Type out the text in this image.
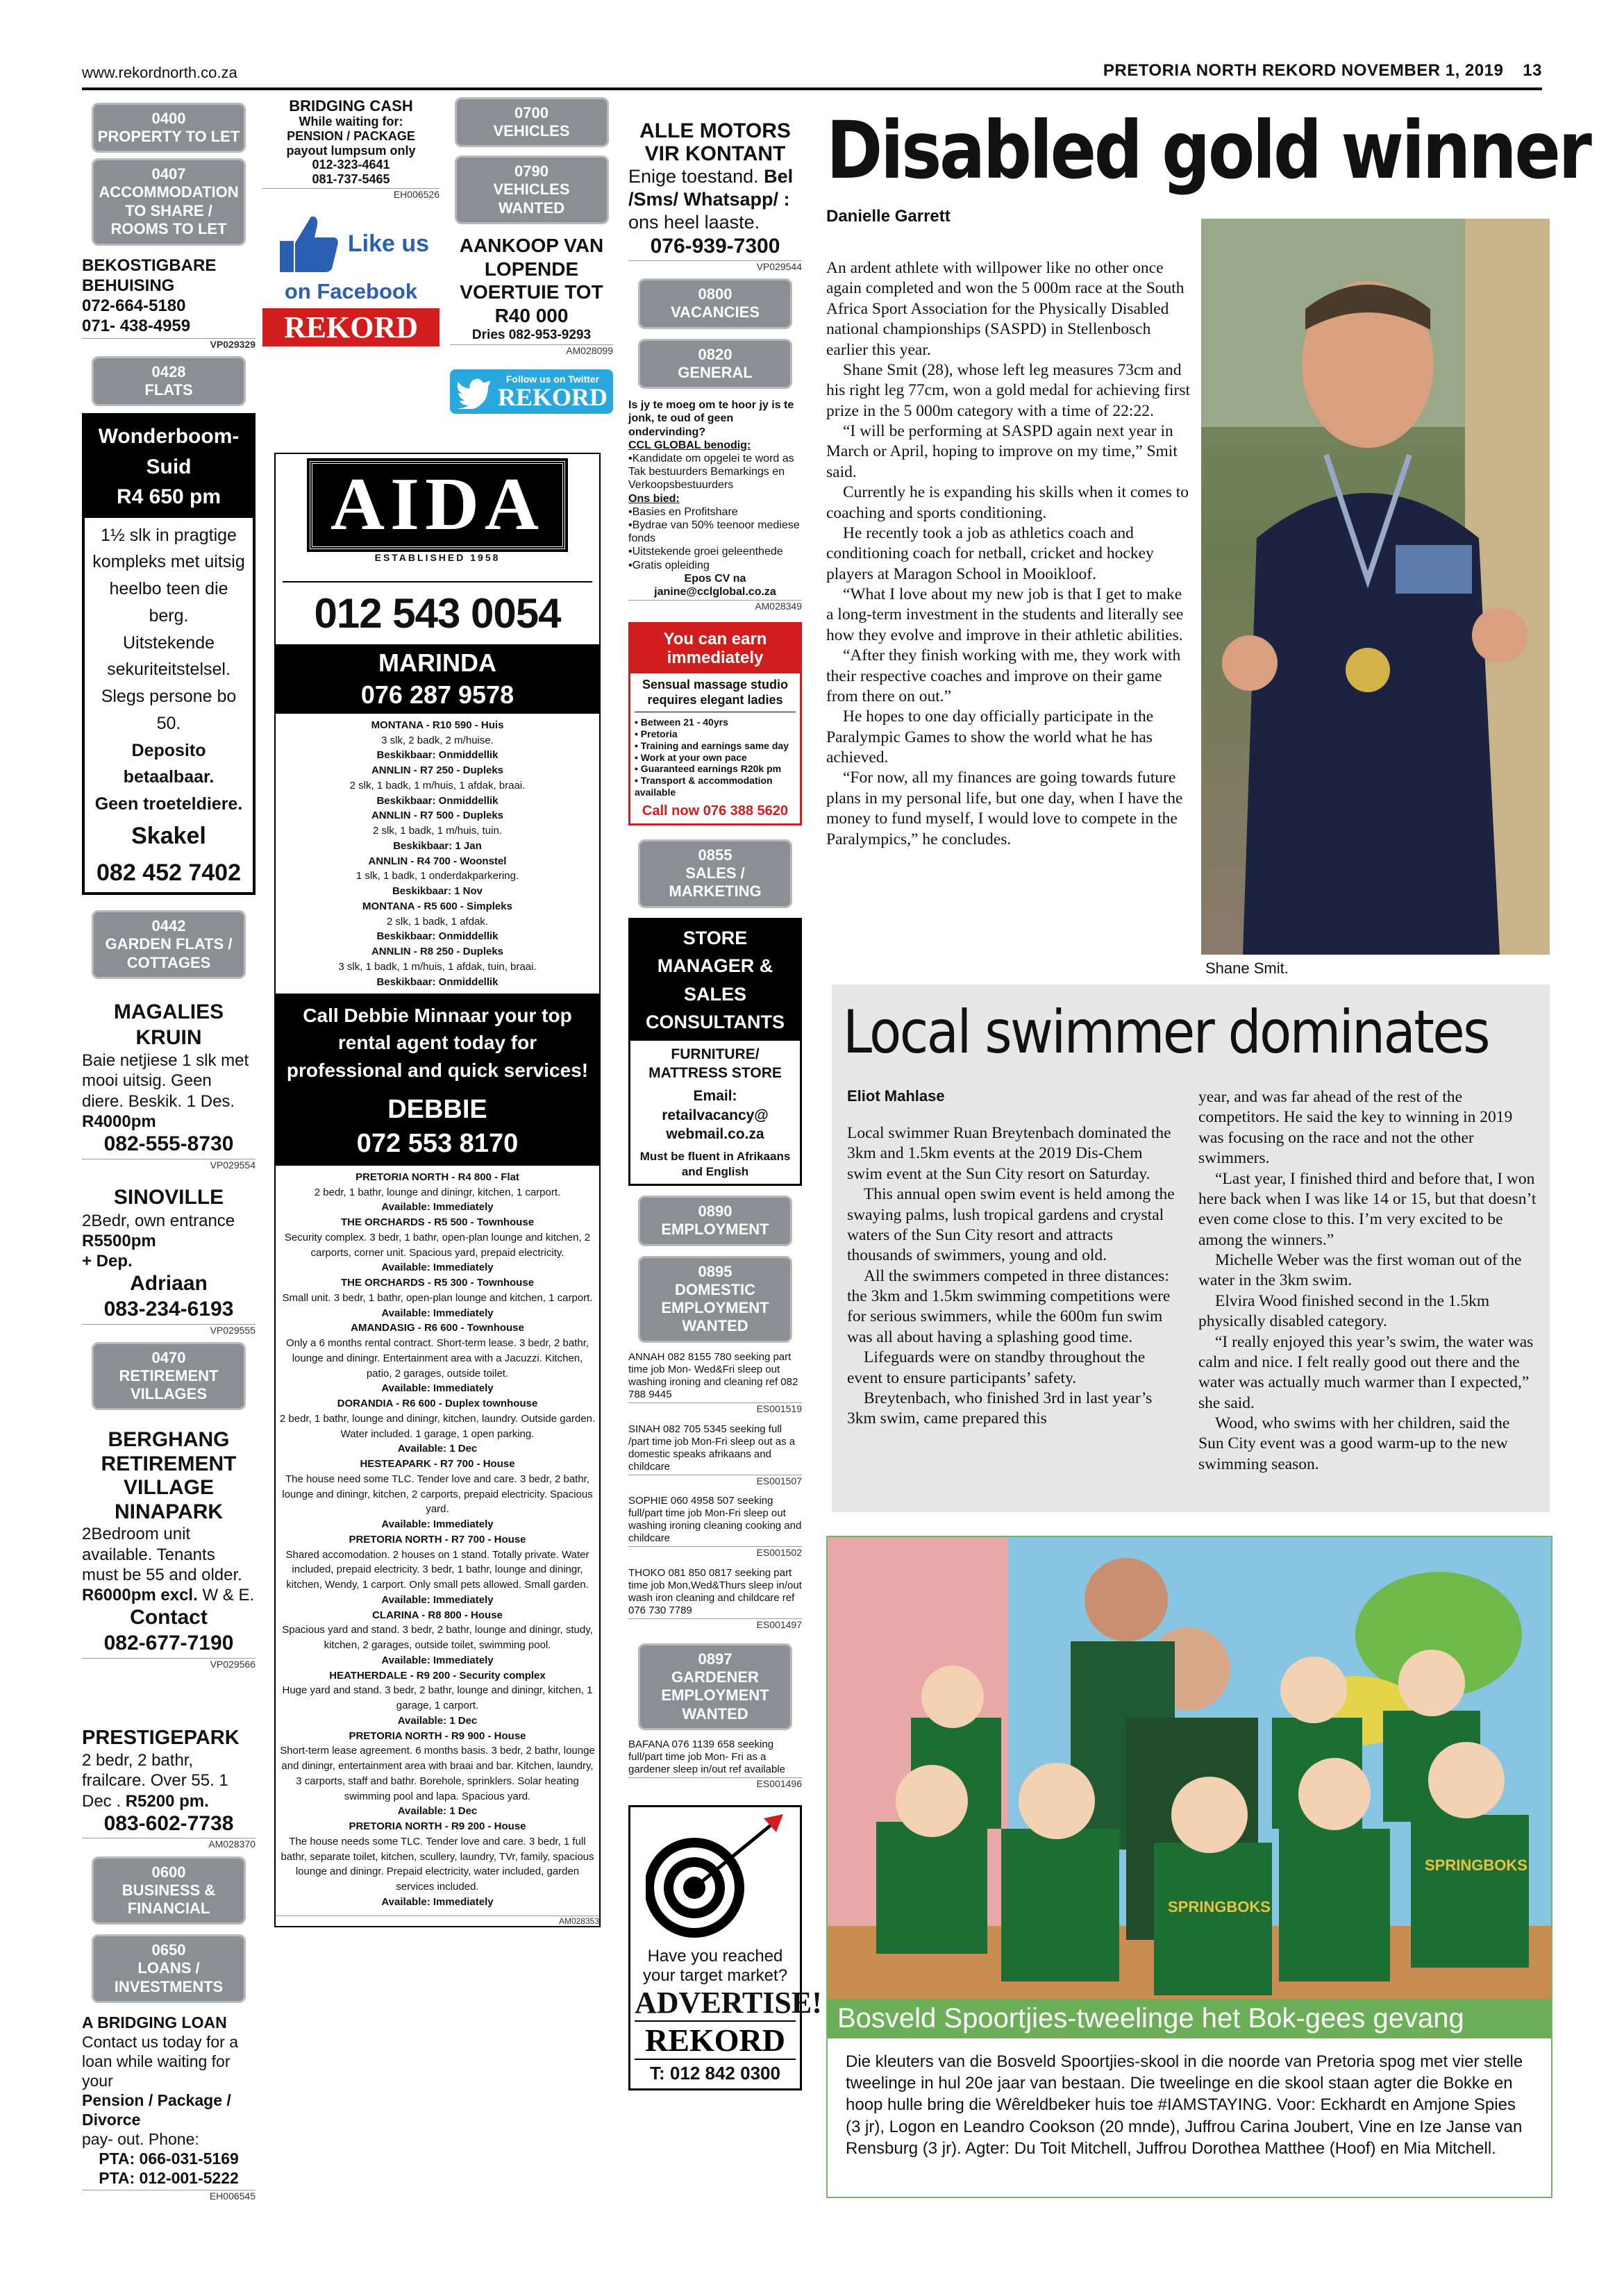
www.rekordnorth.co.za	PRETORIA NORTH REKORD NOVEMBER 1, 2019 13
0400
PROPERTY TO LET
0407
ACCOMMODATION TO SHARE / ROOMS TO LET
BEKOSTIGBARE BEHUISING
072-664-5180
071- 438-4959
VP029329
0428
FLATS
Wonderboom-Suid
R4 650 pm
1½ slk in pragtige kompleks met uitsig heelbo teen die berg.
Uitstekende sekuriteitstelsel.
Slegs persone bo 50.
Deposito betaalbaar.
Geen troeteldiere.
Skakel
082 452 7402
0442
GARDEN FLATS / COTTAGES
MAGALIES KRUIN
Baie netjiese 1 slk met mooi uitsig. Geen diere. Beskik. 1 Des.
R4000pm
082-555-8730
VP029554
SINOVILLE
2Bedr, own entrance R5500pm
+ Dep.
Adriaan
083-234-6193
VP029555
0470
RETIREMENT VILLAGES
BERGHANG RETIREMENT VILLAGE NINAPARK
2Bedroom unit available. Tenants must be 55 and older.
R6000pm excl. W & E.
Contact
082-677-7190
VP029566
PRESTIGEPARK
2 bedr, 2 bathr, frailcare. Over 55. 1 Dec . R5200 pm.
083-602-7738
AM028370
0600
BUSINESS & FINANCIAL
0650
LOANS / INVESTMENTS
A BRIDGING LOAN
Contact us today for a loan while waiting for your
Pension / Package / Divorce
pay- out. Phone:
PTA: 066-031-5169
PTA: 012-001-5222
EH006545
BRIDGING CASH
While waiting for:
PENSION / PACKAGE
payout lumpsum only
012-323-4641
081-737-5465
EH006526
Like us
on Facebook
REKORD
0700
VEHICLES
0790
VEHICLES WANTED
AANKOOP VAN LOPENDE VOERTUIE TOT R40 000
Dries 082-953-9293
AM028099
Follow us on Twitter
REKORD
AIDA
ESTABLISHED 1958
012 543 0054
MARINDA
076 287 9578
MONTANA - R10 590 - Huis
3 slk, 2 badk, 2 m/huise.
Beskikbaar: Onmiddellik
ANNLIN - R7 250 - Dupleks
2 slk, 1 badk, 1 m/huis, 1 afdak, braai.
Beskikbaar: Onmiddellik
ANNLIN - R7 500 - Dupleks
2 slk, 1 badk, 1 m/huis, tuin.
Beskikbaar: 1 Jan
ANNLIN - R4 700 - Woonstel
1 slk, 1 badk, 1 onderdakparkering.
Beskikbaar: 1 Nov
MONTANA - R5 600 - Simpleks
2 slk, 1 badk, 1 afdak.
Beskikbaar: Onmiddellik
ANNLIN - R8 250 - Dupleks
3 slk, 1 badk, 1 m/huis, 1 afdak, tuin, braai.
Beskikbaar: Onmiddellik
Call Debbie Minnaar your top rental agent today for professional and quick services!
DEBBIE
072 553 8170
PRETORIA NORTH - R4 800 - Flat
2 bedr, 1 bathr, lounge and diningr, kitchen, 1 carport.
Available: Immediately
THE ORCHARDS - R5 500 - Townhouse
Security complex. 3 bedr, 1 bathr, open-plan lounge and kitchen, 2 carports, corner unit. Spacious yard, prepaid electricity.
Available: Immediately
THE ORCHARDS - R5 300 - Townhouse
Small unit. 3 bedr, 1 bathr, open-plan lounge and kitchen, 1 carport.
Available: Immediately
AMANDASIG - R6 600 - Townhouse
Only a 6 months rental contract. Short-term lease. 3 bedr, 2 bathr, lounge and diningr. Entertainment area with a Jacuzzi. Kitchen, patio, 2 garages, outside toilet.
Available: Immediately
DORANDIA - R6 600 - Duplex townhouse
2 bedr, 1 bathr, lounge and diningr, kitchen, laundry. Outside garden. Water included. 1 garage, 1 open parking.
Available: 1 Dec
HESTEAPARK - R7 700 - House
The house need some TLC. Tender love and care. 3 bedr, 2 bathr, lounge and diningr, kitchen, 2 carports, prepaid electricity. Spacious yard.
Available: Immediately
PRETORIA NORTH - R7 700 - House
Shared accomodation. 2 houses on 1 stand. Totally private. Water included, prepaid electricity. 3 bedr, 1 bathr, lounge and diningr, kitchen, Wendy, 1 carport. Only small pets allowed. Small garden.
Available: Immediately
CLARINA - R8 800 - House
Spacious yard and stand. 3 bedr, 2 bathr, lounge and diningr, study, kitchen, 2 garages, outside toilet, swimming pool.
Available: Immediately
HEATHERDALE - R9 200 - Security complex
Huge yard and stand. 3 bedr, 2 bathr, lounge and diningr, kitchen, 1 garage, 1 carport.
Available: 1 Dec
PRETORIA NORTH - R9 900 - House
Short-term lease agreement. 6 months basis. 3 bedr, 2 bathr, lounge and diningr, entertainment area with braai and bar. Kitchen, laundry, 3 carports, staff and bathr. Borehole, sprinklers. Solar heating swimming pool and lapa. Spacious yard.
Available: 1 Dec
PRETORIA NORTH - R9 200 - House
The house needs some TLC. Tender love and care. 3 bedr, 1 full bathr, separate toilet, kitchen, scullery, laundry, TVr, family, spacious lounge and diningr. Prepaid electricity, water included, garden services included.
Available: Immediately
AM028353
ALLE MOTORS VIR KONTANT
Enige toestand. Bel /Sms/ Whatsapp/ :
ons heel laaste.
076-939-7300
VP029544
0800
VACANCIES
0820
GENERAL
Is jy te moeg om te hoor jy is te jonk, te oud of geen ondervinding?
CCL GLOBAL benodig:
•Kandidate om opgelei te word as Tak bestuurders Bemarkings en Verkoopsbestuurders
Ons bied:
•Basies en Profitshare
•Bydrae van 50% teenoor mediese fonds
•Uitstekende groei geleenthede
•Gratis opleiding
Epos CV na
janine@cclglobal.co.za
AM028349
You can earn immediately
Sensual massage studio requires elegant ladies
• Between 21 - 40yrs
• Pretoria
• Training and earnings same day
• Work at your own pace
• Guaranteed earnings R20k pm
• Transport & accommodation available
Call now 076 388 5620
0855
SALES / MARKETING
STORE MANAGER & SALES CONSULTANTS
FURNITURE/ MATTRESS STORE
Email:
retailvacancy@ webmail.co.za
Must be fluent in Afrikaans and English
0890
EMPLOYMENT
0895
DOMESTIC EMPLOYMENT WANTED
ANNAH 082 8155 780 seeking part time job Mon- Wed&Fri sleep out washing ironing and cleaning ref 082 788 9445
ES001519
SINAH 082 705 5345 seeking full /part time job Mon-Fri sleep out as a domestic speaks afrikaans and childcare
ES001507
SOPHIE 060 4958 507 seeking full/part time job Mon-Fri sleep out washing ironing cleaning cooking and childcare
ES001502
THOKO 081 850 0817 seeking part time job Mon,Wed&Thurs sleep in/out wash iron cleaning and childcare ref 076 730 7789
ES001497
0897
GARDENER EMPLOYMENT WANTED
BAFANA 076 1139 658 seeking full/part time job Mon- Fri as a gardener sleep in/out ref available
ES001496
Have you reached your target market?
ADVERTISE!
REKORD
T: 012 842 0300
Disabled gold winner
Danielle Garrett

An ardent athlete with willpower like no other once again completed and won the 5 000m race at the South Africa Sport Association for the Physically Disabled national championships (SASPD) in Stellenbosch earlier this year.

Shane Smit (28), whose left leg measures 73cm and his right leg 77cm, won a gold medal for achieving first prize in the 5 000m category with a time of 22:22.

“I will be performing at SASPD again next year in March or April, hoping to improve on my time,” Smit said.

Currently he is expanding his skills when it comes to coaching and sports conditioning.

He recently took a job as athletics coach and conditioning coach for netball, cricket and hockey players at Maragon School in Mooikloof.

“What I love about my new job is that I get to make a long-term investment in the students and literally see how they evolve and improve in their athletic abilities.

“After they finish working with me, they work with their respective coaches and improve on their game from there on out.”

He hopes to one day officially participate in the Paralympic Games to show the world what he has achieved.

“For now, all my finances are going towards future plans in my personal life, but one day, when I have the money to fund myself, I would love to compete in the Paralympics,” he concludes.

Shane Smit.
Local swimmer dominates
Eliot Mahlase

Local swimmer Ruan Breytenbach dominated the 3km and 1.5km events at the 2019 Dis-Chem swim event at the Sun City resort on Saturday.

This annual open swim event is held among the swaying palms, lush tropical gardens and crystal waters of the Sun City resort and attracts thousands of swimmers, young and old.

All the swimmers competed in three distances: the 3km and 1.5km swimming competitions were for serious swimmers, while the 600m fun swim was all about having a splashing good time.

Lifeguards were on standby throughout the event to ensure participants’ safety.

Breytenbach, who finished 3rd in last year’s 3km swim, came prepared this

year, and was far ahead of the rest of the competitors. He said the key to winning in 2019 was focusing on the race and not the other swimmers.

“Last year, I finished third and before that, I won here back when I was like 14 or 15, but that doesn’t even come close to this. I’m very excited to be among the winners.”

Michelle Weber was the first woman out of the water in the 3km swim.

Elvira Wood finished second in the 1.5km physically disabled category.

“I really enjoyed this year’s swim, the water was calm and nice. I felt really good out there and the water was actually much warmer than I expected,” she said.

Wood, who swims with her children, said the Sun City event was a good warm-up to the new swimming season.

SPRINGBOKS
SPRINGBOKS
Bosveld Spoortjies-tweelinge het Bok-gees gevang
Die kleuters van die Bosveld Spoortjies-skool in die noorde van Pretoria spog met vier stelle tweelinge in hul 20e jaar van bestaan. Die tweelinge en die skool staan agter die Bokke en hoop hulle bring die Wêreldbeker huis toe #IAMSTAYING. Voor: Eckhardt en Amjone Spies (3 jr), Logon en Leandro Cookson (20 mnde), Juffrou Carina Joubert, Vine en Ize Janse van Rensburg (3 jr). Agter: Du Toit Mitchell, Juffrou Dorothea Matthee (Hoof) en Mia Mitchell.
